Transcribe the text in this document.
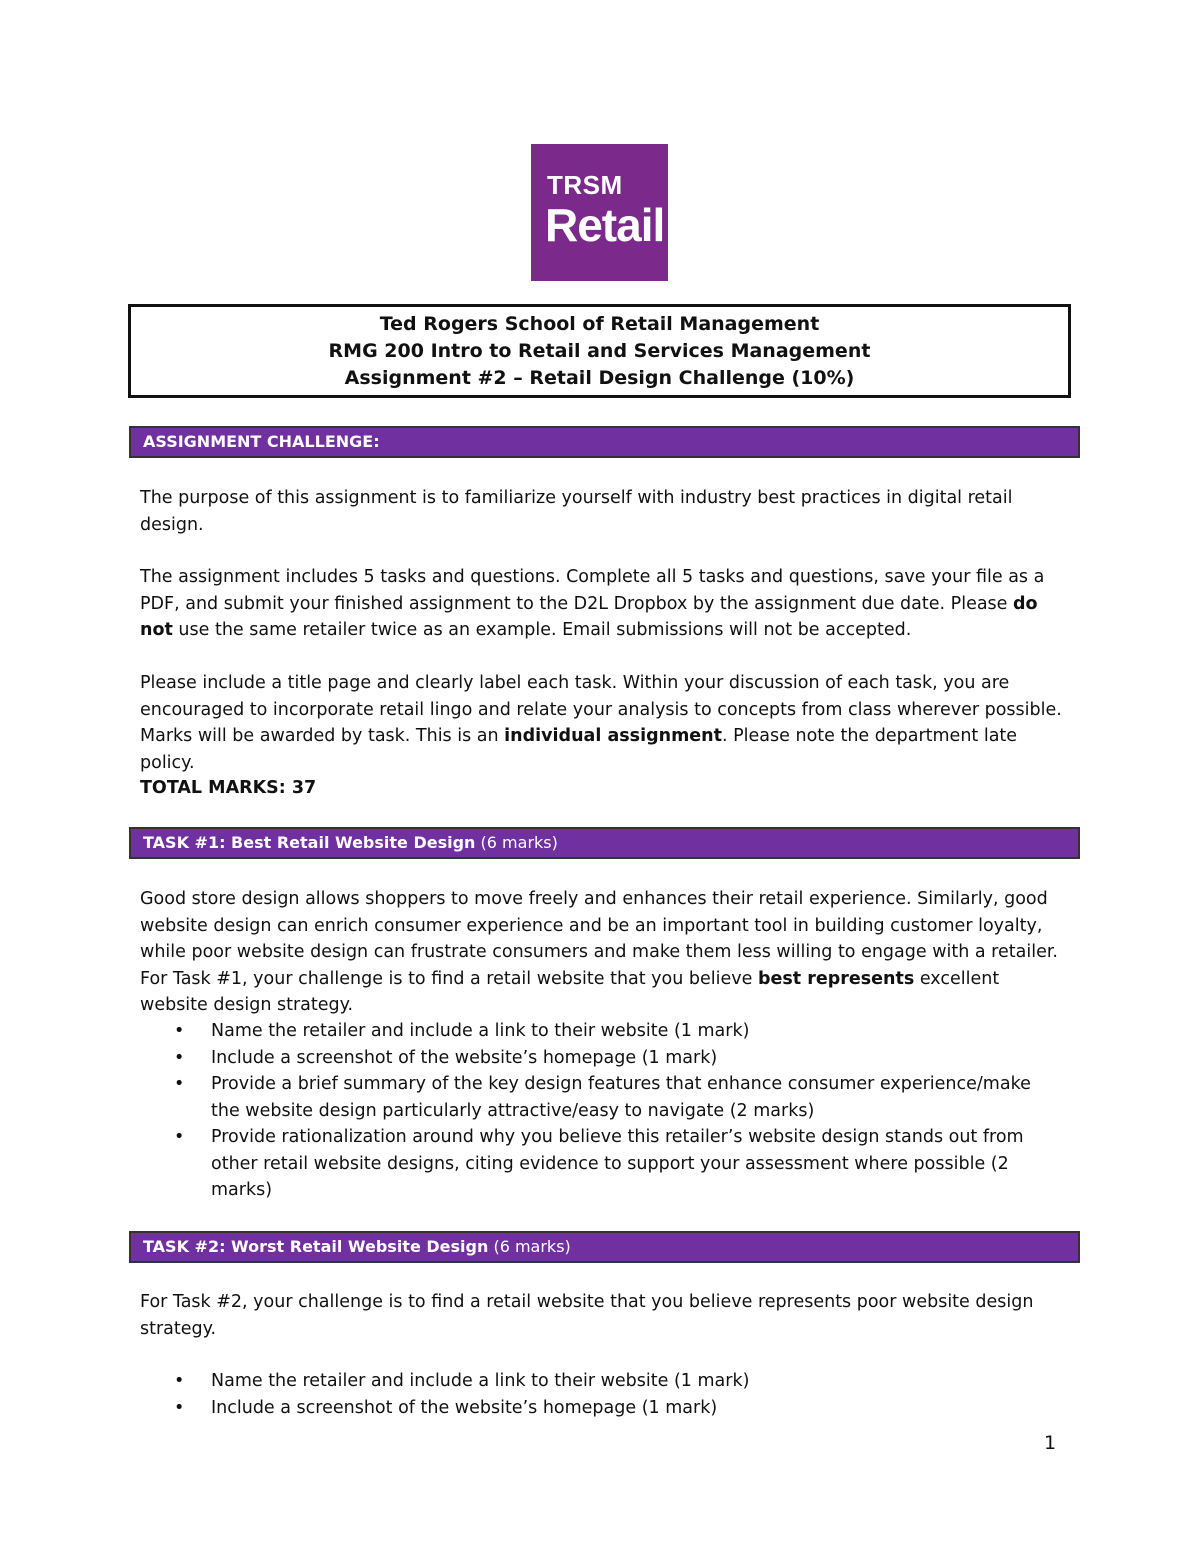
TRSM
Retail
Ted Rogers School of Retail Management
RMG 200 Intro to Retail and Services Management
Assignment #2 – Retail Design Challenge (10%)
ASSIGNMENT CHALLENGE:
The purpose of this assignment is to familiarize yourself with industry best practices in digital retail design.
The assignment includes 5 tasks and questions. Complete all 5 tasks and questions, save your file as a PDF, and submit your finished assignment to the D2L Dropbox by the assignment due date. Please do not use the same retailer twice as an example. Email submissions will not be accepted.
Please include a title page and clearly label each task. Within your discussion of each task, you are encouraged to incorporate retail lingo and relate your analysis to concepts from class wherever possible. Marks will be awarded by task. This is an individual assignment. Please note the department late policy.
TOTAL MARKS: 37
TASK #1: Best Retail Website Design (6 marks)
Good store design allows shoppers to move freely and enhances their retail experience. Similarly, good website design can enrich consumer experience and be an important tool in building customer loyalty, while poor website design can frustrate consumers and make them less willing to engage with a retailer. For Task #1, your challenge is to find a retail website that you believe best represents excellent website design strategy.
• Name the retailer and include a link to their website (1 mark)
• Include a screenshot of the website’s homepage (1 mark)
• Provide a brief summary of the key design features that enhance consumer experience/make the website design particularly attractive/easy to navigate (2 marks)
• Provide rationalization around why you believe this retailer’s website design stands out from other retail website designs, citing evidence to support your assessment where possible (2 marks)
TASK #2: Worst Retail Website Design (6 marks)
For Task #2, your challenge is to find a retail website that you believe represents poor website design strategy.
• Name the retailer and include a link to their website (1 mark)
• Include a screenshot of the website’s homepage (1 mark)
1
